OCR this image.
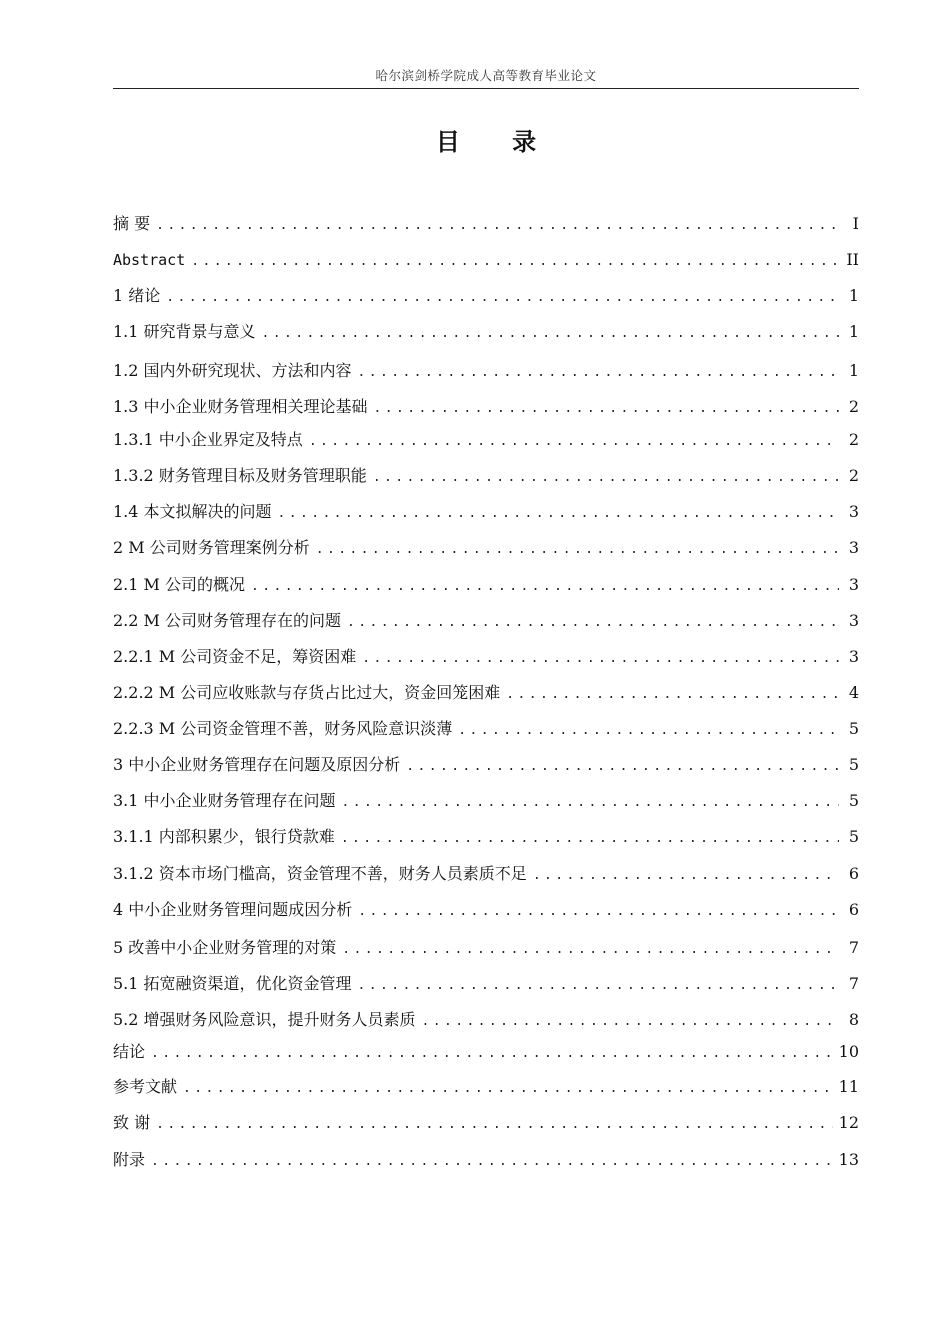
哈尔滨剑桥学院成人高等教育毕业论文
目 录
摘 要 .....	I
Abstract .....	II
1 绪论 .....	1
1.1 研究背景与意义 .....	1
1.2 国内外研究现状、方法和内容 .....	1
1.3 中小企业财务管理相关理论基础 .....	2
1.3.1 中小企业界定及特点 .....	2
1.3.2 财务管理目标及财务管理职能 .....	2
1.4 本文拟解决的问题 .....	3
2 M 公司财务管理案例分析 .....	3
2.1 M 公司的概况 .....	3
2.2 M 公司财务管理存在的问题 .....	3
2.2.1 M 公司资金不足，筹资困难 .....	3
2.2.2 M 公司应收账款与存货占比过大，资金回笼困难 .....	4
2.2.3 M 公司资金管理不善，财务风险意识淡薄 .....	5
3 中小企业财务管理存在问题及原因分析 .....	5
3.1 中小企业财务管理存在问题 .....	5
3.1.1 内部积累少，银行贷款难 .....	5
3.1.2 资本市场门槛高，资金管理不善，财务人员素质不足 .....	6
4 中小企业财务管理问题成因分析 .....	6
5 改善中小企业财务管理的对策 .....	7
5.1 拓宽融资渠道，优化资金管理 .....	7
5.2 增强财务风险意识，提升财务人员素质 .....	8
结论 .....	10
参考文献 .....	11
致 谢 .....	12
附录 .....	13
